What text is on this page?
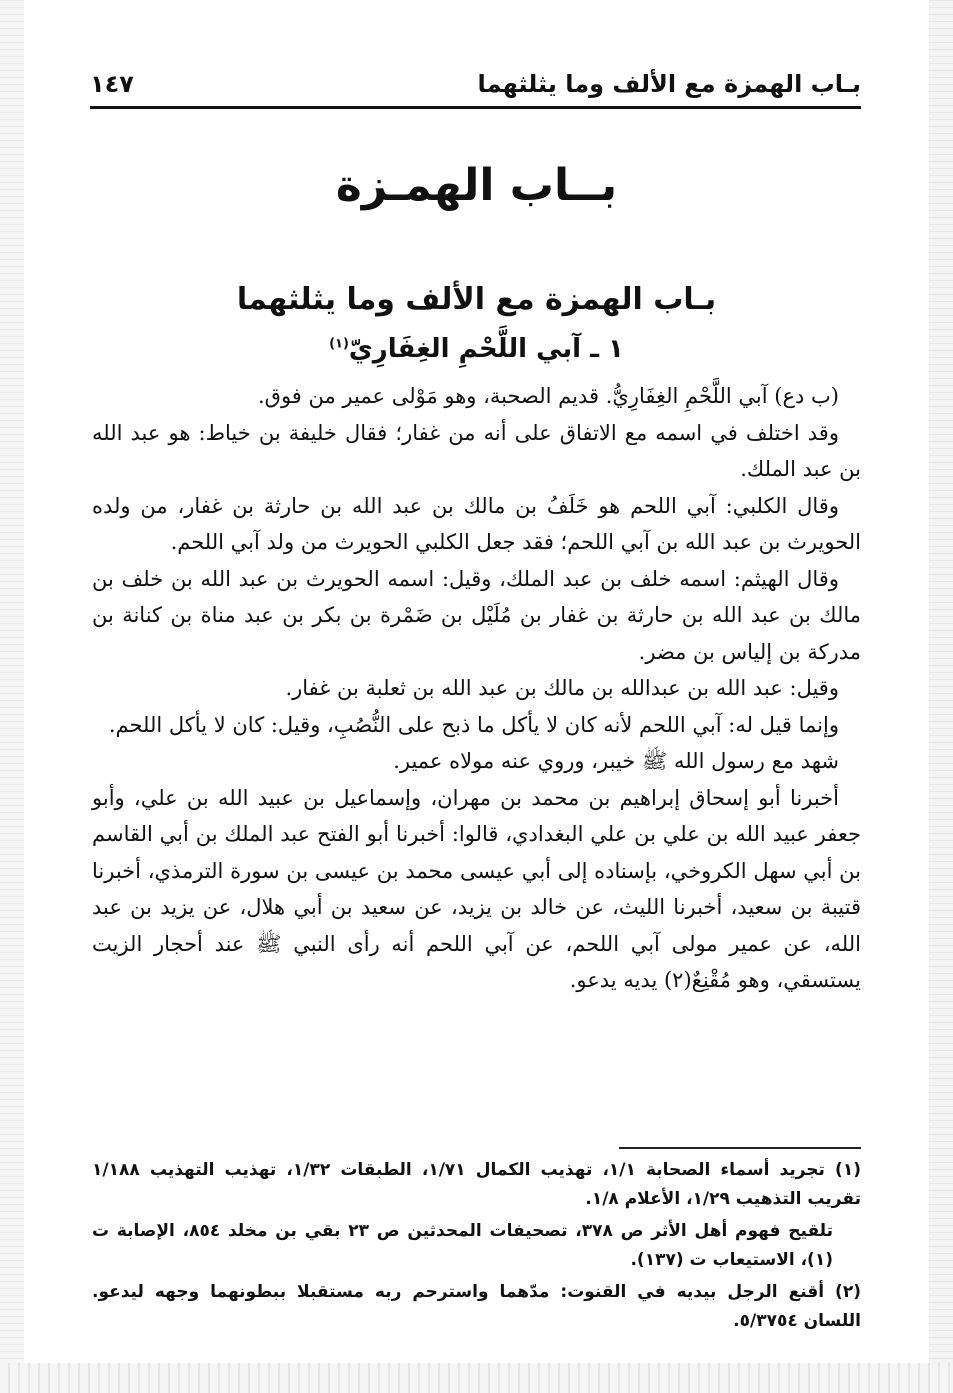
بـاب الهمزة مع الألف وما يثلثهما
١٤٧
بــاب الهمـزة
بـاب الهمزة مع الألف وما يثلثهما
١ ـ آبي اللَّحْمِ الغِفَارِيّ$^{(١)}$

(ب دع) آبي اللَّحْمِ الغِفَارِيُّ. قديم الصحبة، وهو مَوْلى عمير من فوق.

وقد اختلف في اسمه مع الاتفاق على أنه من غفار؛ فقال خليفة بن خياط: هو عبد الله بن عبد الملك.

وقال الكلبي: آبي اللحم هو خَلَفُ بن مالك بن عبد الله بن حارثة بن غفار، من ولده الحويرث بن عبد الله بن آبي اللحم؛ فقد جعل الكلبي الحويرث من ولد آبي اللحم.

وقال الهيثم: اسمه خلف بن عبد الملك، وقيل: اسمه الحويرث بن عبد الله بن خلف بن مالك بن عبد الله بن حارثة بن غفار بن مُلَيْل بن ضَمْرة بن بكر بن عبد مناة بن كنانة بن مدركة بن إلياس بن مضر.

وقيل: عبد الله بن عبدالله بن مالك بن عبد الله بن ثعلبة بن غفار.

وإنما قيل له: آبي اللحم لأنه كان لا يأكل ما ذبح على النُّصُبِ، وقيل: كان لا يأكل اللحم.

شهد مع رسول الله ﷺ خيبر، وروي عنه مولاه عمير.

أخبرنا أبو إسحاق إبراهيم بن محمد بن مهران، وإسماعيل بن عبيد الله بن علي، وأبو جعفر عبيد الله بن علي بن علي البغدادي، قالوا: أخبرنا أبو الفتح عبد الملك بن أبي القاسم بن أبي سهل الكروخي، بإسناده إلى أبي عيسى محمد بن عيسى بن سورة الترمذي، أخبرنا قتيبة بن سعيد، أخبرنا الليث، عن خالد بن يزيد، عن سعيد بن أبي هلال، عن يزيد بن عبد الله، عن عمير مولى آبي اللحم، عن آبي اللحم أنه رأى النبي ﷺ عند أحجار الزيت يستسقي، وهو مُقْنِعٌ(٢) يديه يدعو.

(١) تجريد أسماء الصحابة ١/١، تهذيب الكمال ١/٧١، الطبقات ١/٣٢، تهذيب التهذيب ١/١٨٨ تقريب التذهيب ١/٢٩، الأعلام ١/٨.

تلقيح فهوم أهل الأثر ص ٣٧٨، تصحيفات المحدثين ص ٢٣ بقي بن مخلد ٨٥٤، الإصابة ت (١)، الاستيعاب ت (١٣٧).

(٢) أقنع الرجل بيديه في القنوت: مدّهما واسترحم ربه مستقبلا ببطونهما وجهه ليدعو. اللسان ٥/٣٧٥٤.
